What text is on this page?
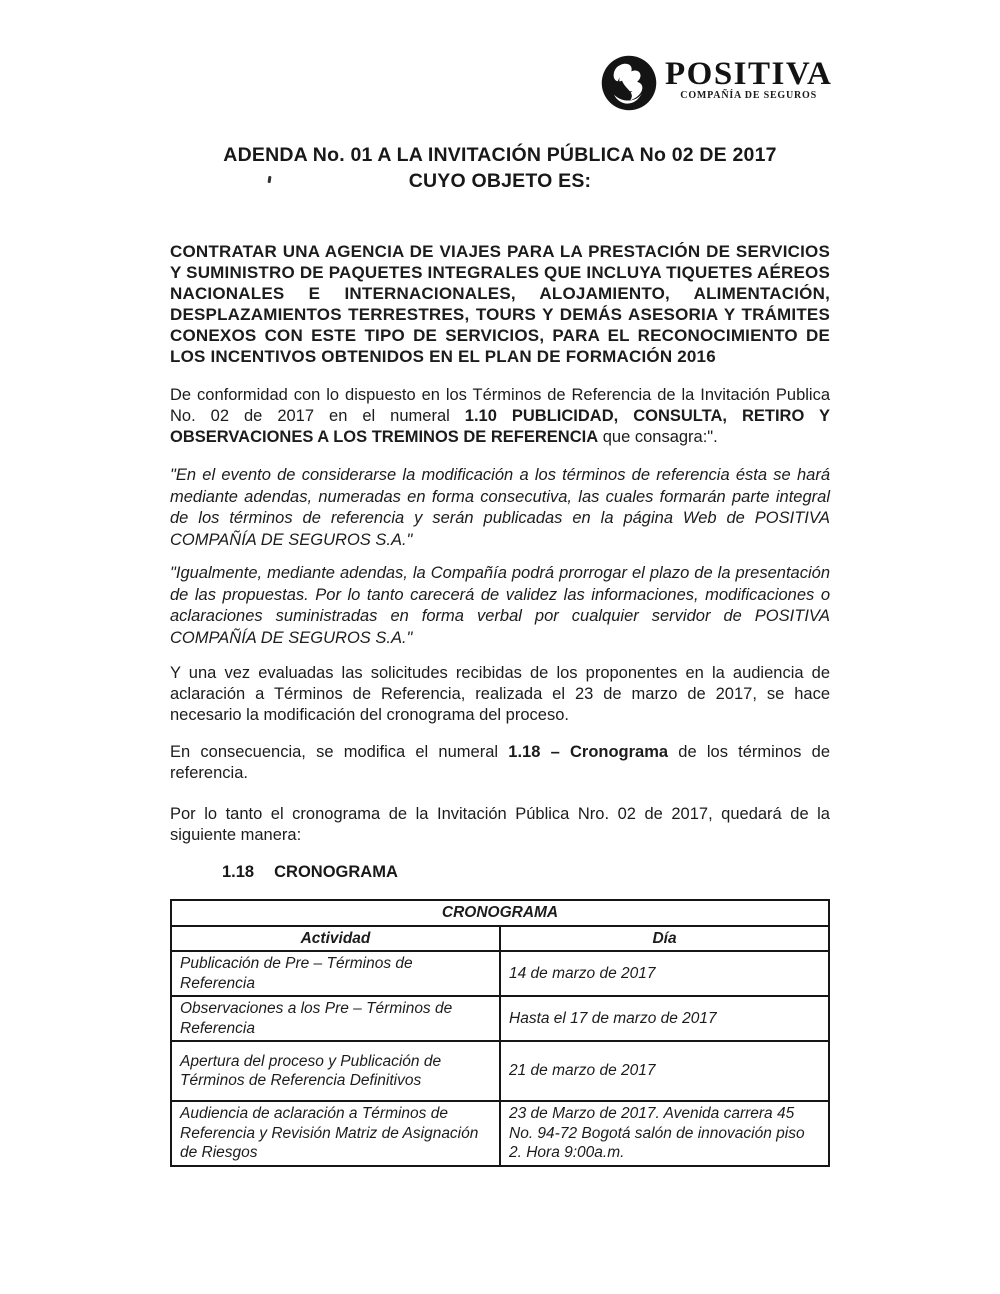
POSITIVA
COMPAÑÍA DE SEGUROS
ADENDA No. 01 A LA INVITACIÓN PÚBLICA No 02 DE 2017
CUYO OBJETO ES:

CONTRATAR UNA AGENCIA DE VIAJES PARA LA PRESTACIÓN DE SERVICIOS Y SUMINISTRO DE PAQUETES INTEGRALES QUE INCLUYA TIQUETES AÉREOS NACIONALES E INTERNACIONALES, ALOJAMIENTO, ALIMENTACIÓN, DESPLAZAMIENTOS TERRESTRES, TOURS Y DEMÁS ASESORIA Y TRÁMITES CONEXOS CON ESTE TIPO DE SERVICIOS, PARA EL RECONOCIMIENTO DE LOS INCENTIVOS OBTENIDOS EN EL PLAN DE FORMACIÓN 2016

De conformidad con lo dispuesto en los Términos de Referencia de la Invitación Publica No. 02 de 2017 en el numeral 1.10 PUBLICIDAD, CONSULTA, RETIRO Y OBSERVACIONES A LOS TREMINOS DE REFERENCIA que consagra:".

"En el evento de considerarse la modificación a los términos de referencia ésta se hará mediante adendas, numeradas en forma consecutiva, las cuales formarán parte integral de los términos de referencia y serán publicadas en la página Web de POSITIVA COMPAÑÍA DE SEGUROS S.A."

"Igualmente, mediante adendas, la Compañía podrá prorrogar el plazo de la presentación de las propuestas. Por lo tanto carecerá de validez las informaciones, modificaciones o aclaraciones suministradas en forma verbal por cualquier servidor de POSITIVA COMPAÑÍA DE SEGUROS S.A."

Y una vez evaluadas las solicitudes recibidas de los proponentes en la audiencia de aclaración a Términos de Referencia, realizada el 23 de marzo de 2017, se hace necesario la modificación del cronograma del proceso.

En consecuencia, se modifica el numeral 1.18 – Cronograma de los términos de referencia.

Por lo tanto el cronograma de la Invitación Pública Nro. 02 de 2017, quedará de la siguiente manera:

1.18 CRONOGRAMA
CRONOGRAMA	
Actividad	Día
Publicación de Pre – Términos de Referencia	14 de marzo de 2017
Observaciones a los Pre – Términos de Referencia	Hasta el 17 de marzo de 2017
Apertura del proceso y Publicación de Términos de Referencia Definitivos	21 de marzo de 2017
Audiencia de aclaración a Términos de Referencia y Revisión Matriz de Asignación de Riesgos	23 de Marzo de 2017. Avenida carrera 45 No. 94-72 Bogotá salón de innovación piso 2. Hora 9:00a.m.
